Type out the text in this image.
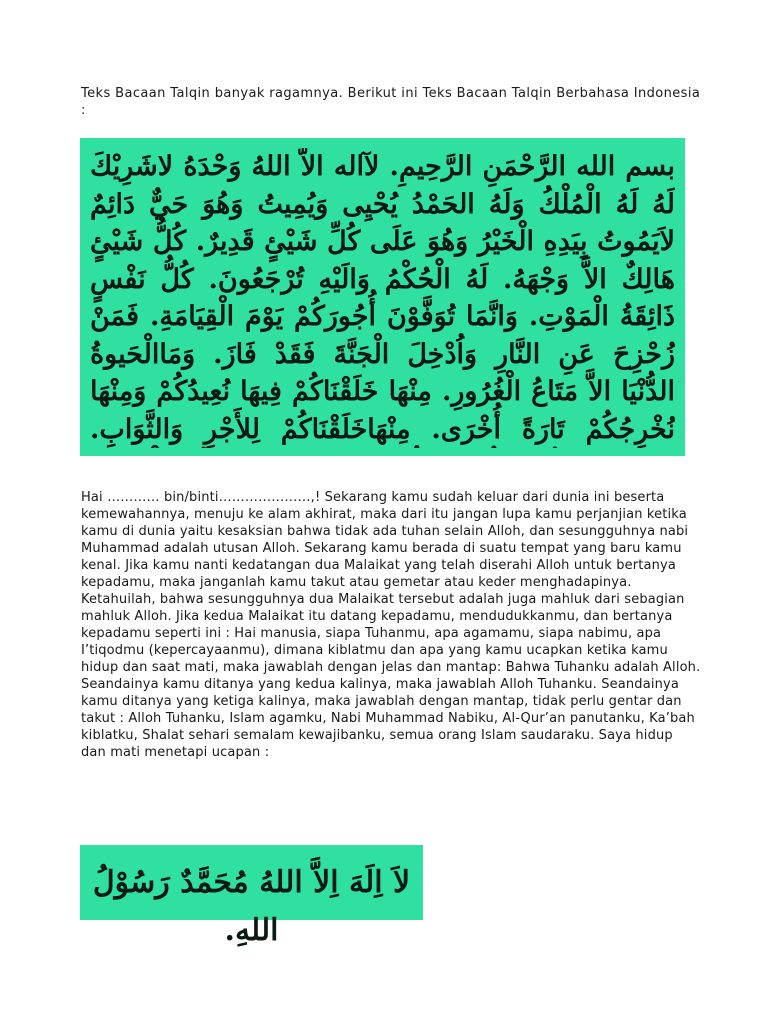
Teks Bacaan Talqin banyak ragamnya. Berikut ini Teks Bacaan Talqin Berbahasa Indonesia :

بسم الله الرَّحْمَنِ الرَّحِيمِ. لآاله الاَّ اللهُ وَحْدَهُ لاشَرِيْكَ لَهُ لَهُ الْمُلْكُ وَلَهُ الحَمْدُ يُحْيِى وَيُمِيتُ وَهُوَ حَيٌّ دَائِمٌ لاَيَمُوتُ بِيَدِهِ الْخَيْرُ وَهُوَ عَلَى كُلِّ شَيْئٍ قَدِيرٌ. كُلُّ شَيْئٍ هَالِكٌ الاَّ وَجْهَهُ. لَهُ الْحُكْمُ وَالَيْهِ تُرْجَعُونَ. كُلُّ نَفْسٍ ذَائِقَةُ الْمَوْتِ. وَانَّمَا تُوَفَّوْنَ أُجُورَكُمْ يَوْمَ الْقِيَامَةِ. فَمَنْ زُحْزِحَ عَنِ النَّارِ وَاُدْخِلَ الْجَنَّةَ فَقَدْ فَازَ. وَمَاالْحَيوةُ الدُّنْيَا الاَّ مَتَاعُ الْغُرُورِ. مِنْهَا خَلَقْنَاكُمْ فِيهَا نُعِيدُكُمْ وَمِنْهَا نُخْرِجُكُمْ تَارَةً أُخْرَى. مِنْهَاخَلَقْنَاكُمْ لِلأَجْرِ وَالثَّوَابِ.

Hai ………… bin/binti…………………,! Sekarang kamu sudah keluar dari dunia ini beserta kemewahannya, menuju ke alam akhirat, maka dari itu jangan lupa kamu perjanjian ketika kamu di dunia yaitu kesaksian bahwa tidak ada tuhan selain Alloh, dan sesungguhnya nabi Muhammad adalah utusan Alloh. Sekarang kamu berada di suatu tempat yang baru kamu kenal. Jika kamu nanti kedatangan dua Malaikat yang telah diserahi Alloh untuk bertanya kepadamu, maka janganlah kamu takut atau gemetar atau keder menghadapinya.

Ketahuilah, bahwa sesungguhnya dua Malaikat tersebut adalah juga mahluk dari sebagian mahluk Alloh. Jika kedua Malaikat itu datang kepadamu, mendudukkanmu, dan bertanya kepadamu seperti ini : Hai manusia, siapa Tuhanmu, apa agamamu, siapa nabimu, apa I’tiqodmu (kepercayaanmu), dimana kiblatmu dan apa yang kamu ucapkan ketika kamu hidup dan saat mati, maka jawablah dengan jelas dan mantap: Bahwa Tuhanku adalah Alloh. Seandainya kamu ditanya yang kedua kalinya, maka jawablah Alloh Tuhanku. Seandainya kamu ditanya yang ketiga kalinya, maka jawablah dengan mantap, tidak perlu gentar dan takut : Alloh Tuhanku, Islam agamku, Nabi Muhammad Nabiku, Al-Qur’an panutanku, Ka’bah kiblatku, Shalat sehari semalam kewajibanku, semua orang Islam saudaraku. Saya hidup dan mati menetapi ucapan :

لاَ اِلَهَ اِلاَّ اللهُ مُحَمَّدٌ رَسُوْلُ اللهِ.
